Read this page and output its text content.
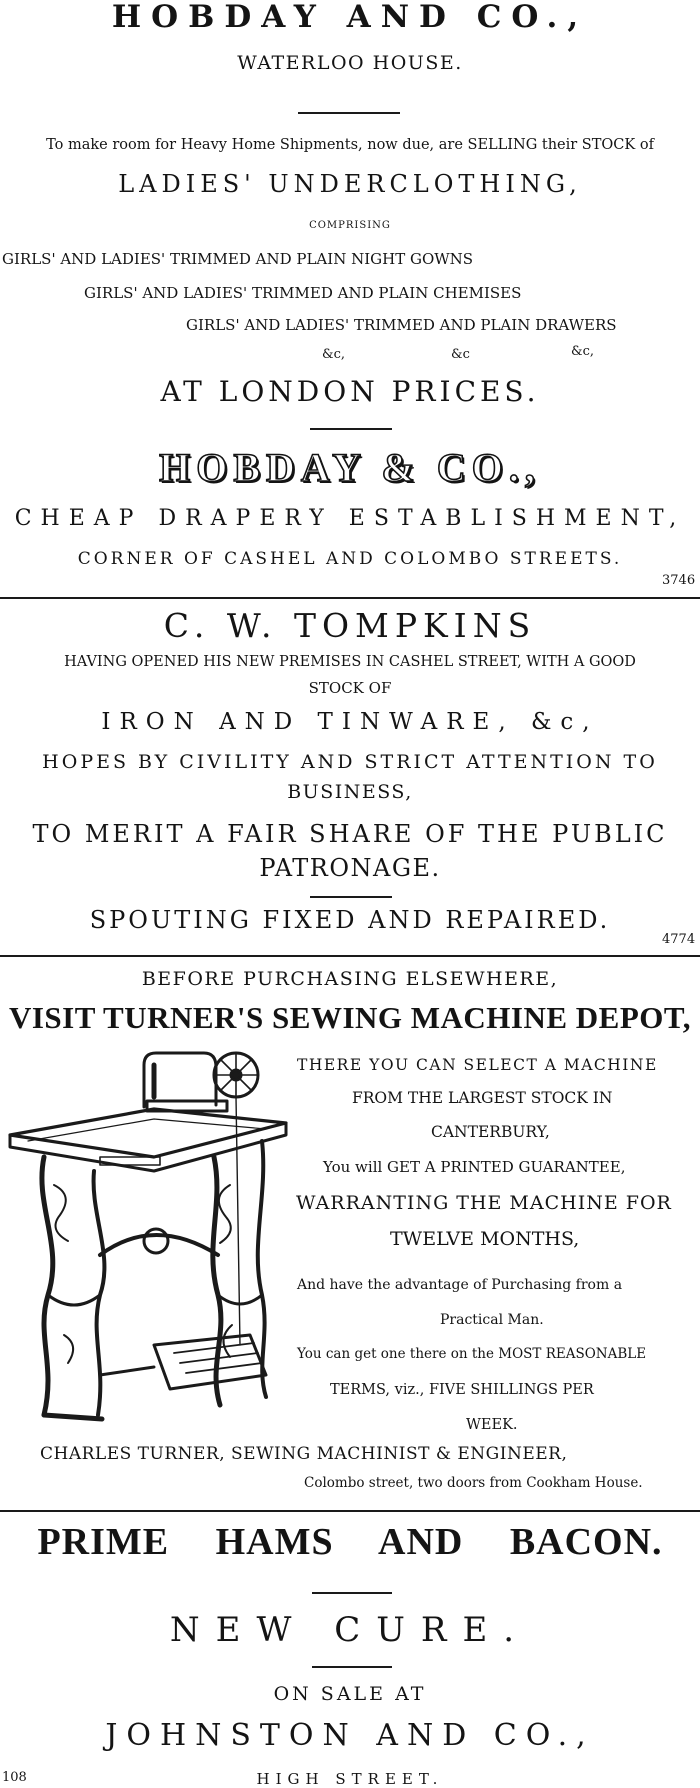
HOBDAY AND CO.,
WATERLOO HOUSE.
To make room for Heavy Home Shipments, now due, are SELLING their STOCK of
LADIES' UNDERCLOTHING,
COMPRISING
GIRLS' AND LADIES' TRIMMED AND PLAIN NIGHT GOWNS
GIRLS' AND LADIES' TRIMMED AND PLAIN CHEMISES
GIRLS' AND LADIES' TRIMMED AND PLAIN DRAWERS
&c,	&c	&c,
AT LONDON PRICES.
HOBDAY & CO.,
CHEAP DRAPERY ESTABLISHMENT,
CORNER OF CASHEL AND COLOMBO STREETS.
3746
C. W. TOMPKINS
HAVING OPENED HIS NEW PREMISES IN CASHEL STREET, WITH A GOOD
STOCK OF
IRON AND TINWARE, &c,
HOPES BY CIVILITY AND STRICT ATTENTION TO
BUSINESS,
TO MERIT A FAIR SHARE OF THE PUBLIC
PATRONAGE.
SPOUTING FIXED AND REPAIRED.
4774
BEFORE PURCHASING ELSEWHERE,
VISIT TURNER'S SEWING MACHINE DEPOT,
THERE YOU CAN SELECT A MACHINE
FROM THE LARGEST STOCK IN
CANTERBURY,
You will GET A PRINTED GUARANTEE,
WARRANTING THE MACHINE FOR
TWELVE MONTHS,
And have the advantage of Purchasing from a
Practical Man.
You can get one there on the MOST REASONABLE
TERMS, viz., FIVE SHILLINGS PER
WEEK.
CHARLES TURNER, SEWING MACHINIST & ENGINEER,
Colombo street, two doors from Cookham House.
PRIME HAMS AND BACON.
NEW CURE.
ON SALE AT
JOHNSTON AND CO.,
108	HIGH STREET.
